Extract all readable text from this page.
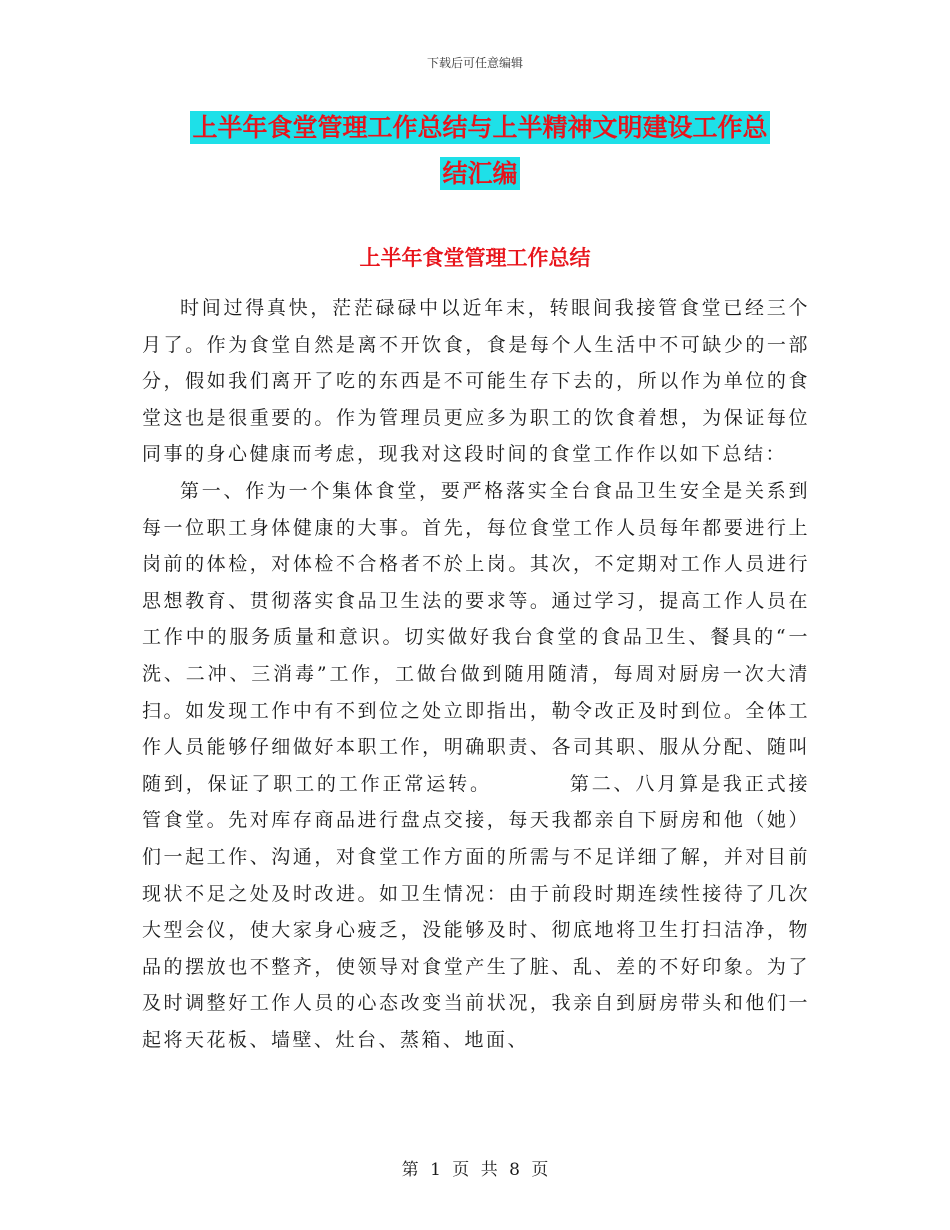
下载后可任意编辑
上半年食堂管理工作总结与上半精神文明建设工作总
结汇编
上半年食堂管理工作总结

时间过得真快，茫茫碌碌中以近年末，转眼间我接管食堂已经三个月了。作为食堂自然是离不开饮食，食是每个人生活中不可缺少的一部分，假如我们离开了吃的东西是不可能生存下去的，所以作为单位的食堂这也是很重要的。作为管理员更应多为职工的饮食着想，为保证每位同事的身心健康而考虑，现我对这段时间的食堂工作作以如下总结：

第一、作为一个集体食堂，要严格落实全台食品卫生安全是关系到每一位职工身体健康的大事。首先，每位食堂工作人员每年都要进行上岗前的体检，对体检不合格者不於上岗。其次，不定期对工作人员进行思想教育、贯彻落实食品卫生法的要求等。通过学习，提高工作人员在工作中的服务质量和意识。切实做好我台食堂的食品卫生、餐具的“一洗、二冲、三消毒”工作，工做台做到随用随清，每周对厨房一次大清扫。如发现工作中有不到位之处立即指出，勒令改正及时到位。全体工作人员能够仔细做好本职工作，明确职责、各司其职、服从分配、随叫随到，保证了职工的工作正常运转。　　　　第二、八月算是我正式接管食堂。先对库存商品进行盘点交接，每天我都亲自下厨房和他（她）们一起工作、沟通，对食堂工作方面的所需与不足详细了解，并对目前现状不足之处及时改进。如卫生情况：由于前段时期连续性接待了几次大型会仪，使大家身心疲乏，没能够及时、彻底地将卫生打扫洁净，物品的摆放也不整齐，使领导对食堂产生了脏、乱、差的不好印象。为了及时调整好工作人员的心态改变当前状况，我亲自到厨房带头和他们一起将天花板、墙壁、灶台、蒸箱、地面、

第 1 页 共 8 页
